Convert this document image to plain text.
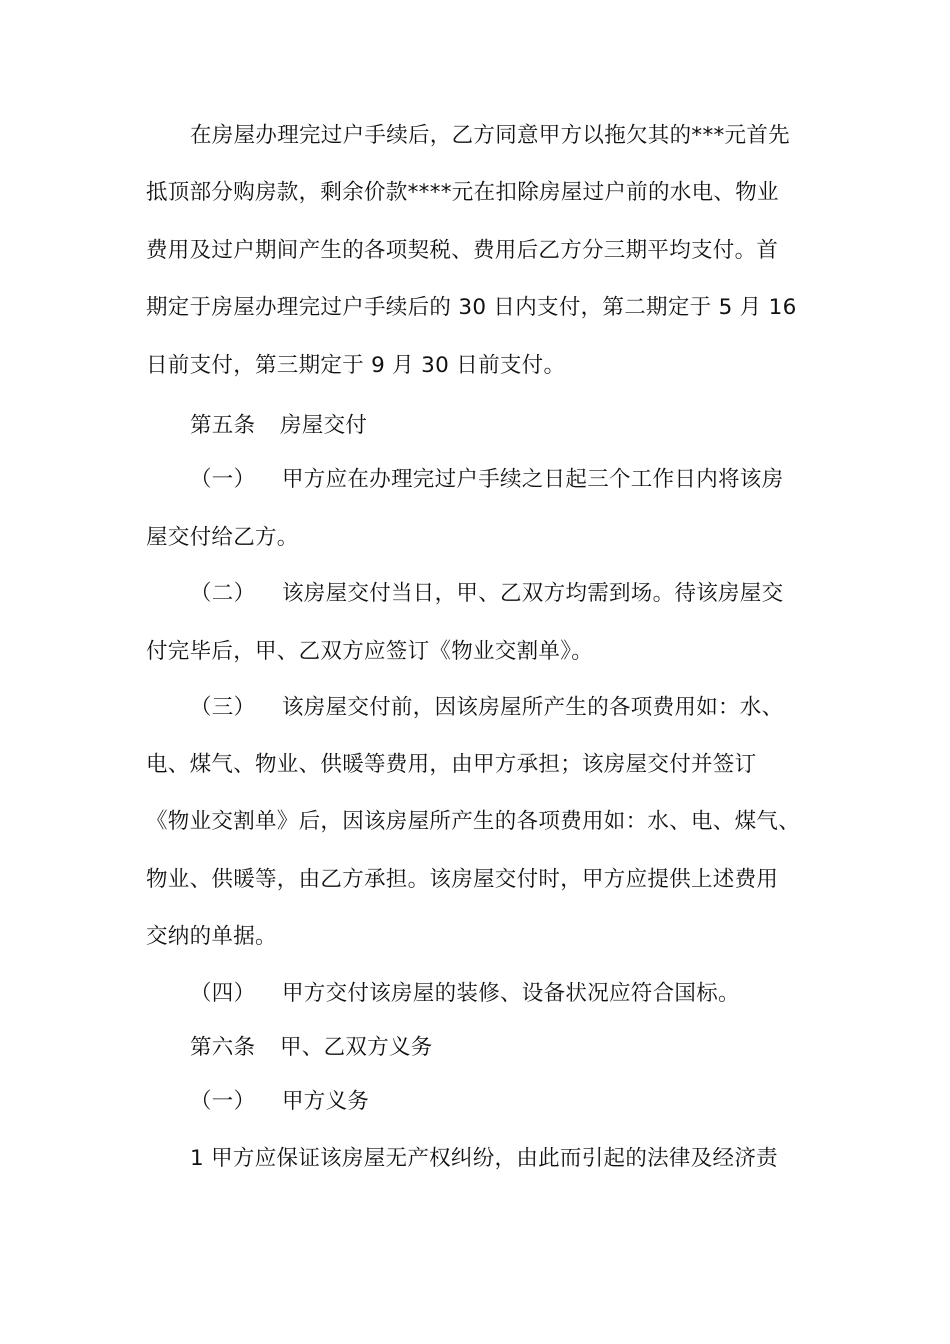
在房屋办理完过户手续后，乙方同意甲方以拖欠其的***元首先
抵顶部分购房款，剩余价款****元在扣除房屋过户前的水电、物业
费用及过户期间产生的各项契税、费用后乙方分三期平均支付。首
期定于房屋办理完过户手续后的 30 日内支付，第二期定于 5 月 16
日前支付，第三期定于 9 月 30 日前支付。
第五条 房屋交付
（一） 甲方应在办理完过户手续之日起三个工作日内将该房
屋交付给乙方。
（二） 该房屋交付当日，甲、乙双方均需到场。待该房屋交
付完毕后，甲、乙双方应签订《物业交割单》。
（三） 该房屋交付前，因该房屋所产生的各项费用如：水、
电、煤气、物业、供暖等费用，由甲方承担；该房屋交付并签订
《物业交割单》后，因该房屋所产生的各项费用如：水、电、煤气、
物业、供暖等，由乙方承担。该房屋交付时，甲方应提供上述费用
交纳的单据。
（四） 甲方交付该房屋的装修、设备状况应符合国标。
第六条 甲、乙双方义务
（一） 甲方义务
1 甲方应保证该房屋无产权纠纷，由此而引起的法律及经济责
